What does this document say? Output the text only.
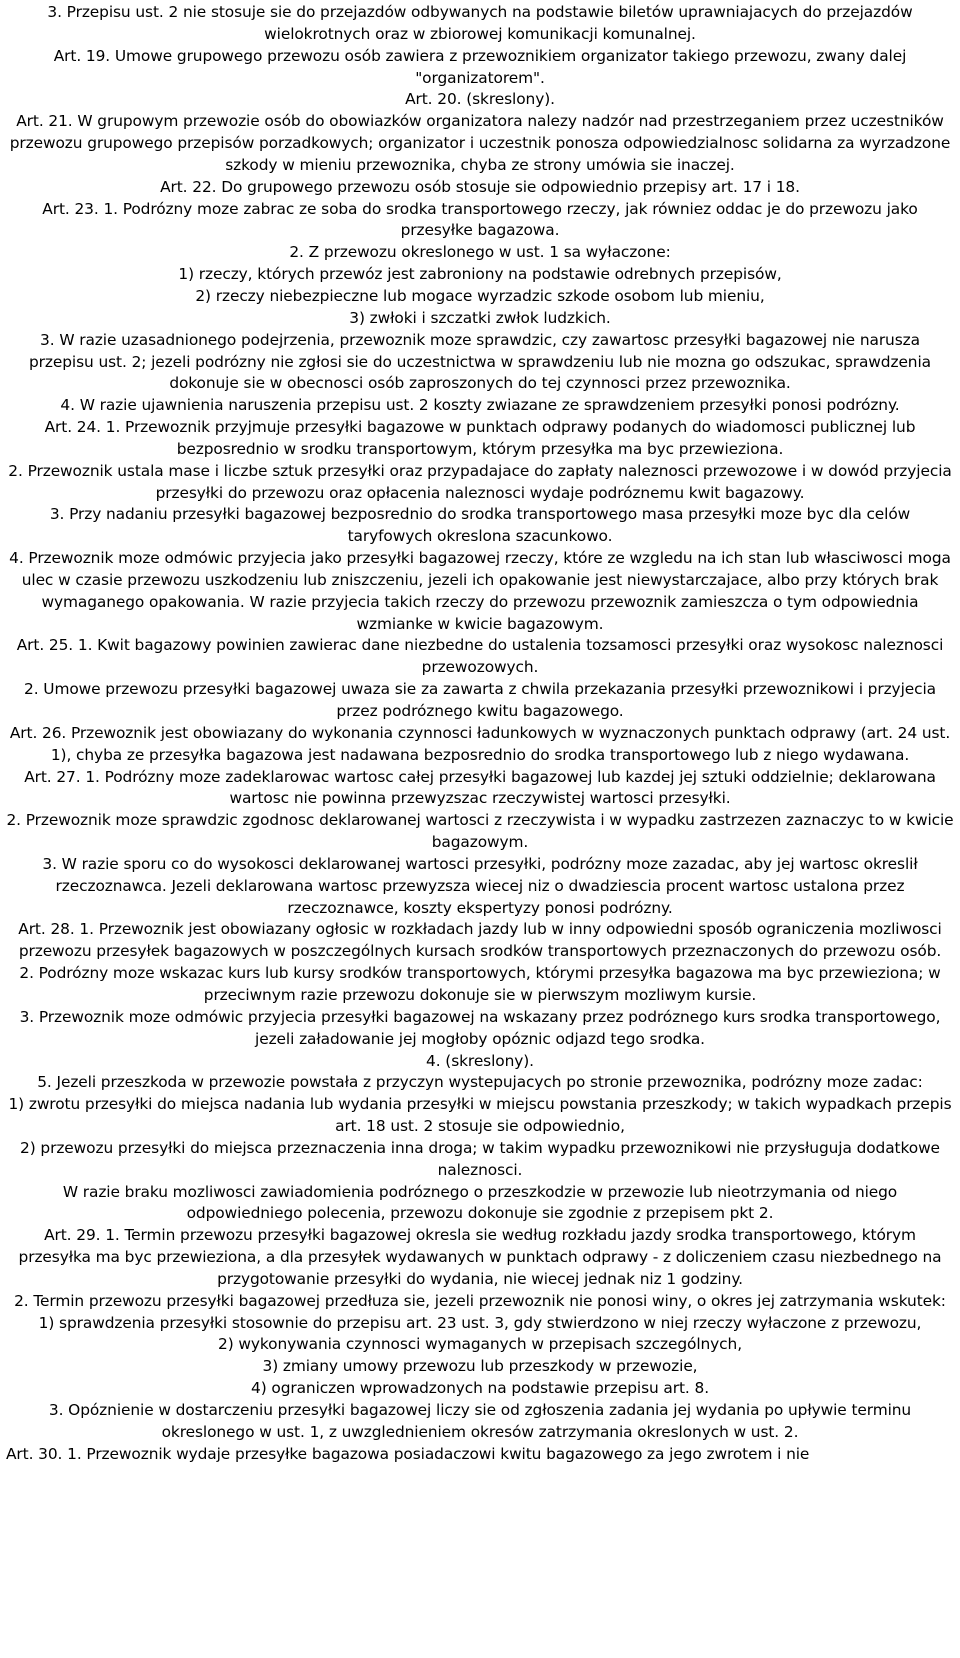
3. Przepisu ust. 2 nie stosuje sie do przejazdów odbywanych na podstawie biletów uprawniajacych do przejazdów wielokrotnych oraz w zbiorowej komunikacji komunalnej.

Art. 19. Umowe grupowego przewozu osób zawiera z przewoznikiem organizator takiego przewozu, zwany dalej "organizatorem".

Art. 20. (skreslony).

Art. 21. W grupowym przewozie osób do obowiazków organizatora nalezy nadzór nad przestrzeganiem przez uczestników przewozu grupowego przepisów porzadkowych; organizator i uczestnik ponosza odpowiedzialnosc solidarna za wyrzadzone szkody w mieniu przewoznika, chyba ze strony umówia sie inaczej.

Art. 22. Do grupowego przewozu osób stosuje sie odpowiednio przepisy art. 17 i 18.

Art. 23. 1. Podrózny moze zabrac ze soba do srodka transportowego rzeczy, jak równiez oddac je do przewozu jako przesyłke bagazowa.

2. Z przewozu okreslonego w ust. 1 sa wyłaczone:

1) rzeczy, których przewóz jest zabroniony na podstawie odrebnych przepisów,

2) rzeczy niebezpieczne lub mogace wyrzadzic szkode osobom lub mieniu,

3) zwłoki i szczatki zwłok ludzkich.

3. W razie uzasadnionego podejrzenia, przewoznik moze sprawdzic, czy zawartosc przesyłki bagazowej nie narusza przepisu ust. 2; jezeli podrózny nie zgłosi sie do uczestnictwa w sprawdzeniu lub nie mozna go odszukac, sprawdzenia dokonuje sie w obecnosci osób zaproszonych do tej czynnosci przez przewoznika.

4. W razie ujawnienia naruszenia przepisu ust. 2 koszty zwiazane ze sprawdzeniem przesyłki ponosi podrózny.

Art. 24. 1. Przewoznik przyjmuje przesyłki bagazowe w punktach odprawy podanych do wiadomosci publicznej lub bezposrednio w srodku transportowym, którym przesyłka ma byc przewieziona.

2. Przewoznik ustala mase i liczbe sztuk przesyłki oraz przypadajace do zapłaty naleznosci przewozowe i w dowód przyjecia przesyłki do przewozu oraz opłacenia naleznosci wydaje podróznemu kwit bagazowy.

3. Przy nadaniu przesyłki bagazowej bezposrednio do srodka transportowego masa przesyłki moze byc dla celów taryfowych okreslona szacunkowo.

4. Przewoznik moze odmówic przyjecia jako przesyłki bagazowej rzeczy, które ze wzgledu na ich stan lub własciwosci moga ulec w czasie przewozu uszkodzeniu lub zniszczeniu, jezeli ich opakowanie jest niewystarczajace, albo przy których brak wymaganego opakowania. W razie przyjecia takich rzeczy do przewozu przewoznik zamieszcza o tym odpowiednia wzmianke w kwicie bagazowym.

Art. 25. 1. Kwit bagazowy powinien zawierac dane niezbedne do ustalenia tozsamosci przesyłki oraz wysokosc naleznosci przewozowych.

2. Umowe przewozu przesyłki bagazowej uwaza sie za zawarta z chwila przekazania przesyłki przewoznikowi i przyjecia przez podróznego kwitu bagazowego.

Art. 26. Przewoznik jest obowiazany do wykonania czynnosci ładunkowych w wyznaczonych punktach odprawy (art. 24 ust. 1), chyba ze przesyłka bagazowa jest nadawana bezposrednio do srodka transportowego lub z niego wydawana.

Art. 27. 1. Podrózny moze zadeklarowac wartosc całej przesyłki bagazowej lub kazdej jej sztuki oddzielnie; deklarowana wartosc nie powinna przewyzszac rzeczywistej wartosci przesyłki.

2. Przewoznik moze sprawdzic zgodnosc deklarowanej wartosci z rzeczywista i w wypadku zastrzezen zaznaczyc to w kwicie bagazowym.

3. W razie sporu co do wysokosci deklarowanej wartosci przesyłki, podrózny moze zazadac, aby jej wartosc okreslił rzeczoznawca. Jezeli deklarowana wartosc przewyzsza wiecej niz o dwadziescia procent wartosc ustalona przez rzeczoznawce, koszty ekspertyzy ponosi podrózny.

Art. 28. 1. Przewoznik jest obowiazany ogłosic w rozkładach jazdy lub w inny odpowiedni sposób ograniczenia mozliwosci przewozu przesyłek bagazowych w poszczególnych kursach srodków transportowych przeznaczonych do przewozu osób.

2. Podrózny moze wskazac kurs lub kursy srodków transportowych, którymi przesyłka bagazowa ma byc przewieziona; w przeciwnym razie przewozu dokonuje sie w pierwszym mozliwym kursie.

3. Przewoznik moze odmówic przyjecia przesyłki bagazowej na wskazany przez podróznego kurs srodka transportowego, jezeli załadowanie jej mogłoby opóznic odjazd tego srodka.

4. (skreslony).

5. Jezeli przeszkoda w przewozie powstała z przyczyn wystepujacych po stronie przewoznika, podrózny moze zadac:

1) zwrotu przesyłki do miejsca nadania lub wydania przesyłki w miejscu powstania przeszkody; w takich wypadkach przepis art. 18 ust. 2 stosuje sie odpowiednio,

2) przewozu przesyłki do miejsca przeznaczenia inna droga; w takim wypadku przewoznikowi nie przysługuja dodatkowe naleznosci.

W razie braku mozliwosci zawiadomienia podróznego o przeszkodzie w przewozie lub nieotrzymania od niego odpowiedniego polecenia, przewozu dokonuje sie zgodnie z przepisem pkt 2.

Art. 29. 1. Termin przewozu przesyłki bagazowej okresla sie według rozkładu jazdy srodka transportowego, którym przesyłka ma byc przewieziona, a dla przesyłek wydawanych w punktach odprawy - z doliczeniem czasu niezbednego na przygotowanie przesyłki do wydania, nie wiecej jednak niz 1 godziny.

2. Termin przewozu przesyłki bagazowej przedłuza sie, jezeli przewoznik nie ponosi winy, o okres jej zatrzymania wskutek:

1) sprawdzenia przesyłki stosownie do przepisu art. 23 ust. 3, gdy stwierdzono w niej rzeczy wyłaczone z przewozu,

2) wykonywania czynnosci wymaganych w przepisach szczególnych,

3) zmiany umowy przewozu lub przeszkody w przewozie,

4) ograniczen wprowadzonych na podstawie przepisu art. 8.

3. Opóznienie w dostarczeniu przesyłki bagazowej liczy sie od zgłoszenia zadania jej wydania po upływie terminu okreslonego w ust. 1, z uwzglednieniem okresów zatrzymania okreslonych w ust. 2.

Art. 30. 1. Przewoznik wydaje przesyłke bagazowa posiadaczowi kwitu bagazowego za jego zwrotem i nie
